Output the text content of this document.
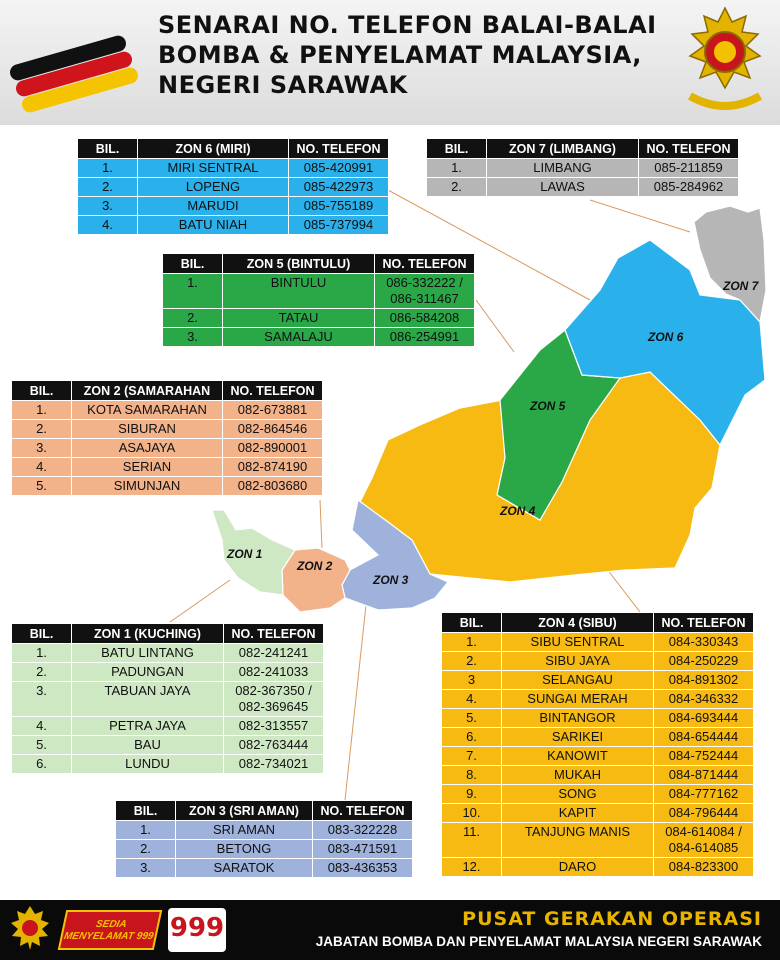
SENARAI NO. TELEFON BALAI-BALAI
BOMBA & PENYELAMAT MALAYSIA,
NEGERI SARAWAK
ZON 1
ZON 2
ZON 3
ZON 4
ZON 5
ZON 6
ZON 7
BIL.	ZON 6 (MIRI)	NO. TELEFON
1.	MIRI SENTRAL	085-420991
2.	LOPENG	085-422973
3.	MARUDI	085-755189
4.	BATU NIAH	085-737994
BIL.	ZON 7 (LIMBANG)	NO. TELEFON
1.	LIMBANG	085-211859
2.	LAWAS	085-284962
BIL.	ZON 5 (BINTULU)	NO. TELEFON
1.	BINTULU	086-332222 /
086-311467
2.	TATAU	086-584208
3.	SAMALAJU	086-254991
BIL.	ZON 2 (SAMARAHAN	NO. TELEFON
1.	KOTA SAMARAHAN	082-673881
2.	SIBURAN	082-864546
3.	ASAJAYA	082-890001
4.	SERIAN	082-874190
5.	SIMUNJAN	082-803680
BIL.	ZON 1 (KUCHING)	NO. TELEFON
1.	BATU LINTANG	082-241241
2.	PADUNGAN	082-241033
3.	TABUAN JAYA	082-367350 /
082-369645
4.	PETRA JAYA	082-313557
5.	BAU	082-763444
6.	LUNDU	082-734021
BIL.	ZON 3 (SRI AMAN)	NO. TELEFON
1.	SRI AMAN	083-322228
2.	BETONG	083-471591
3.	SARATOK	083-436353
BIL.	ZON 4 (SIBU)	NO. TELEFON
1.	SIBU SENTRAL	084-330343
2.	SIBU JAYA	084-250229
3	SELANGAU	084-891302
4.	SUNGAI MERAH	084-346332
5.	BINTANGOR	084-693444
6.	SARIKEI	084-654444
7.	KANOWIT	084-752444
8.	MUKAH	084-871444
9.	SONG	084-777162
10.	KAPIT	084-796444
11.	TANJUNG MANIS	084-614084 /
084-614085
12.	DARO	084-823300
SEDIA MENYELAMAT 999 999	PUSAT GERAKAN OPERASI
JABATAN BOMBA DAN PENYELAMAT MALAYSIA NEGERI SARAWAK
